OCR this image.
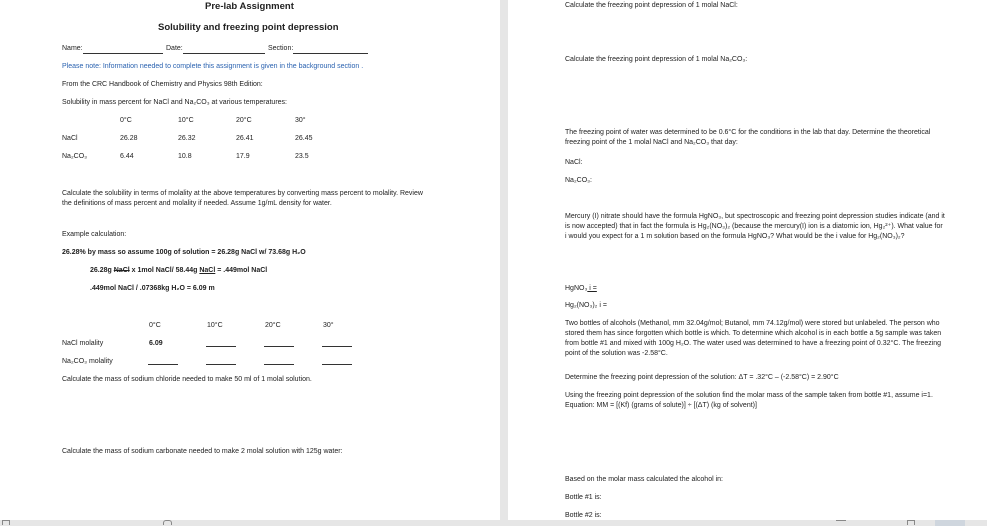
Pre-lab Assignment
Solubility and freezing point depression
Name:	Date:	Section:
Please note: Information needed to complete this assignment is given in the background section .
From the CRC Handbook of Chemistry and Physics 98th Edition:
Solubility in mass percent for NaCl and Na₂CO₃ at various temperatures:
0°C	10°C	20°C	30°
NaCl	26.28	26.32	26.41	26.45
Na₂CO₃	6.44	10.8	17.9	23.5
Calculate the solubility in terms of molality at the above temperatures by converting mass percent to molality. Review the definitions of mass percent and molality if needed. Assume 1g/mL density for water.
Example calculation:
26.28% by mass so assume 100g of solution = 26.28g NaCl w/ 73.68g H₂O
26.28g NaCl x 1mol NaCl/ 58.44g NaCl = .449mol NaCl
.449mol NaCl / .07368kg H₂O = 6.09 m
0°C	10°C	20°C	30°
NaCl molality	6.09
Na₂CO₃ molality
Calculate the mass of sodium chloride needed to make 50 ml of 1 molal solution.
Calculate the mass of sodium carbonate needed to make 2 molal solution with 125g water:
Calculate the freezing point depression of 1 molal NaCl:
Calculate the freezing point depression of 1 molal Na₂CO₃:
The freezing point of water was determined to be 0.6°C for the conditions in the lab that day. Determine the theoretical freezing point of the 1 molal NaCl and Na₂CO₃ that day:
NaCl:
Na₂CO₃:
Mercury (I) nitrate should have the formula HgNO₃, but spectroscopic and freezing point depression studies indicate (and it is now accepted) that in fact the formula is Hg₂(NO₃)₂ (because the mercury(I) ion is a diatomic ion, Hg₂²⁺). What value for i would you expect for a 1 m solution based on the formula HgNO₃? What would be the i value for Hg₂(NO₃)₂?
HgNO₃ i =
Hg₂(NO₃)₂ i =
Two bottles of alcohols (Methanol, mm 32.04g/mol; Butanol, mm 74.12g/mol) were stored but unlabeled. The person who stored them has since forgotten which bottle is which. To determine which alcohol is in each bottle a 5g sample was taken from bottle #1 and mixed with 100g H₂O. The water used was determined to have a freezing point of 0.32°C. The freezing point of the solution was -2.58°C.
Determine the freezing point depression of the solution: ΔT = .32°C – (-2.58°C) = 2.90°C
Using the freezing point depression of the solution find the molar mass of the sample taken from bottle #1, assume i=1. Equation: MM = [(Kf) (grams of solute)] ÷ [(ΔT) (kg of solvent)]
Based on the molar mass calculated the alcohol in:
Bottle #1 is:
Bottle #2 is:
